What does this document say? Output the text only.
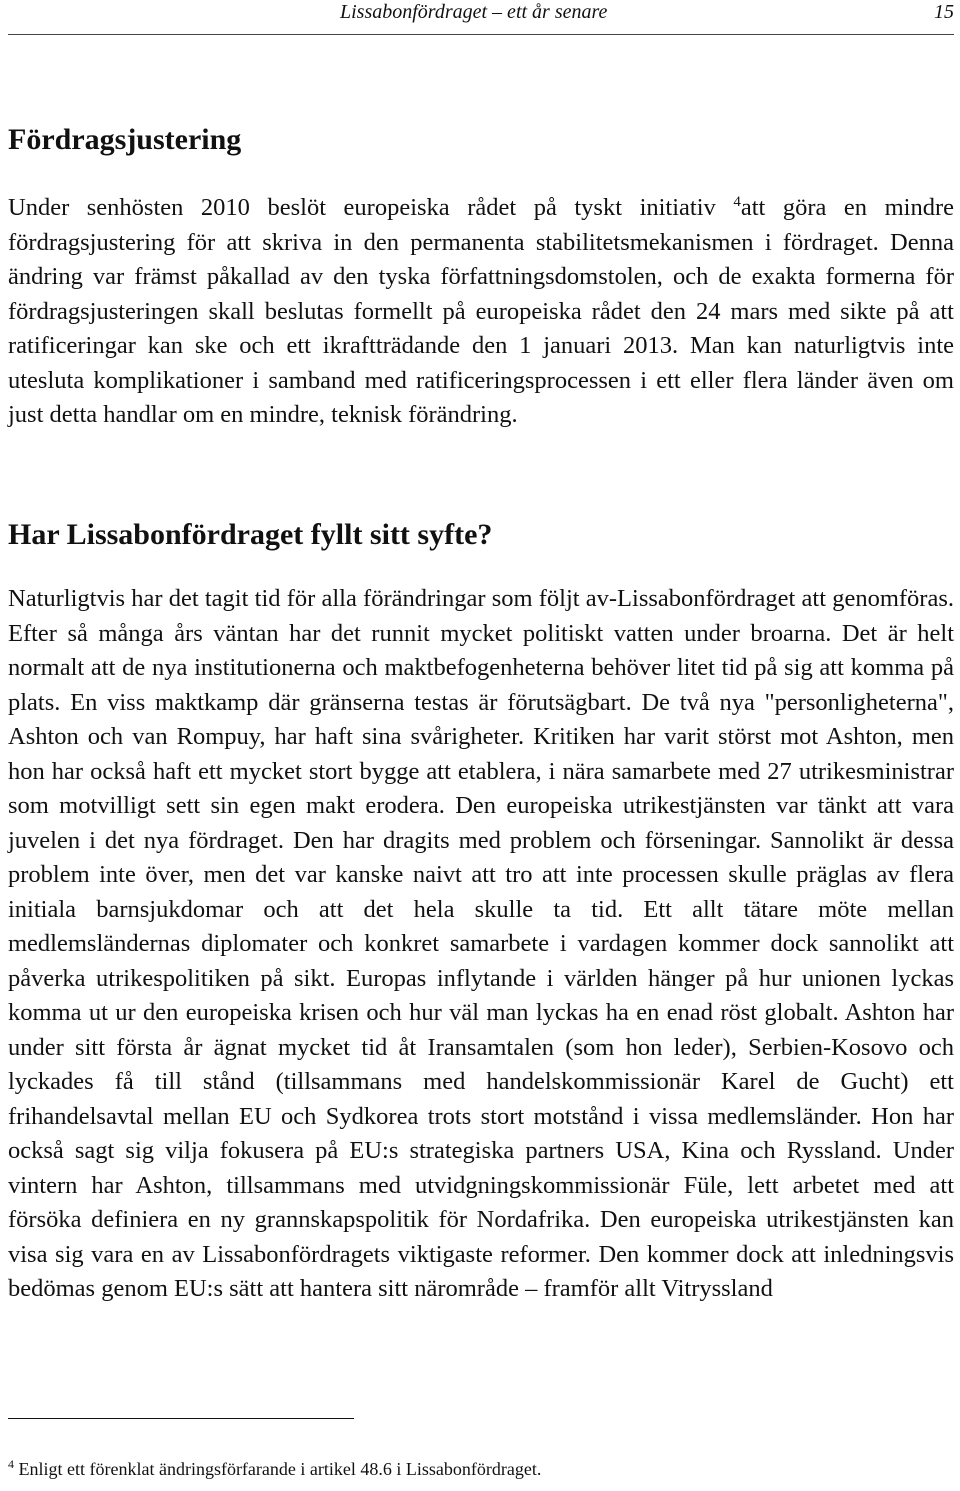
Lissabonfördraget – ett år senare	15
Fördragsjustering

Under senhösten 2010 beslöt europeiska rådet på tyskt initiativ $^4$att göra en mindre fördragsjustering för att skriva in den permanenta stabilitetsmekanismen i fördraget. Denna ändring var främst påkallad av den tyska författningsdomstolen, och de exakta formerna för fördragsjusteringen skall beslutas formellt på europeiska rådet den 24 mars med sikte på att ratificeringar kan ske och ett ikraftträdande den 1 januari 2013. Man kan naturligtvis inte utesluta komplikationer i samband med ratificeringsprocessen i ett eller flera länder även om just detta handlar om en mindre, teknisk förändring.

Har Lissabonfördraget fyllt sitt syfte?

Naturligtvis har det tagit tid för alla förändringar som följt av-Lissabonfördraget att genomföras. Efter så många års väntan har det runnit mycket politiskt vatten under broarna. Det är helt normalt att de nya institutionerna och maktbefogenheterna behöver litet tid på sig att komma på plats. En viss maktkamp där gränserna testas är förutsägbart. De två nya "personligheterna", Ashton och van Rompuy, har haft sina svårigheter. Kritiken har varit störst mot Ashton, men hon har också haft ett mycket stort bygge att etablera, i nära samarbete med 27 utrikesministrar som motvilligt sett sin egen makt erodera. Den europeiska utrikestjänsten var tänkt att vara juvelen i det nya fördraget. Den har dragits med problem och förseningar. Sannolikt är dessa problem inte över, men det var kanske naivt att tro att inte processen skulle präglas av flera initiala barnsjukdomar och att det hela skulle ta tid. Ett allt tätare möte mellan medlemsländernas diplomater och konkret samarbete i vardagen kommer dock sannolikt att påverka utrikespolitiken på sikt. Europas inflytande i världen hänger på hur unionen lyckas komma ut ur den europeiska krisen och hur väl man lyckas ha en enad röst globalt. Ashton har under sitt första år ägnat mycket tid åt Iransamtalen (som hon leder), Serbien-Kosovo och lyckades få till stånd (tillsammans med handelskommissionär Karel de Gucht) ett frihandelsavtal mellan EU och Sydkorea trots stort motstånd i vissa medlemsländer. Hon har också sagt sig vilja fokusera på EU:s strategiska partners USA, Kina och Ryssland. Under vintern har Ashton, tillsammans med utvidgningskommissionär Füle, lett arbetet med att försöka definiera en ny grannskapspolitik för Nordafrika. Den europeiska utrikestjänsten kan visa sig vara en av Lissabonfördragets viktigaste reformer. Den kommer dock att inledningsvis bedömas genom EU:s sätt att hantera sitt närområde – framför allt Vitryssland

$^4$ Enligt ett förenklat ändringsförfarande i artikel 48.6 i Lissabonfördraget.
